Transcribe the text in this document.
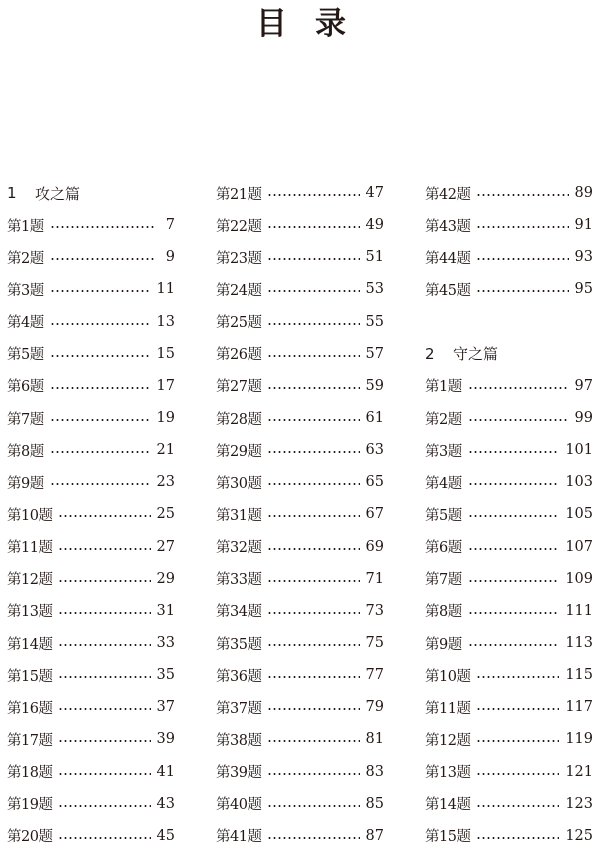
目 录
1	攻之篇
第1题	7
第2题	9
第3题	11
第4题	13
第5题	15
第6题	17
第7题	19
第8题	21
第9题	23
第10题	25
第11题	27
第12题	29
第13题	31
第14题	33
第15题	35
第16题	37
第17题	39
第18题	41
第19题	43
第20题	45
第21题	47
第22题	49
第23题	51
第24题	53
第25题	55
第26题	57
第27题	59
第28题	61
第29题	63
第30题	65
第31题	67
第32题	69
第33题	71
第34题	73
第35题	75
第36题	77
第37题	79
第38题	81
第39题	83
第40题	85
第41题	87
第42题	89
第43题	91
第44题	93
第45题	95
2	守之篇
第1题	97
第2题	99
第3题	101
第4题	103
第5题	105
第6题	107
第7题	109
第8题	111
第9题	113
第10题	115
第11题	117
第12题	119
第13题	121
第14题	123
第15题	125
